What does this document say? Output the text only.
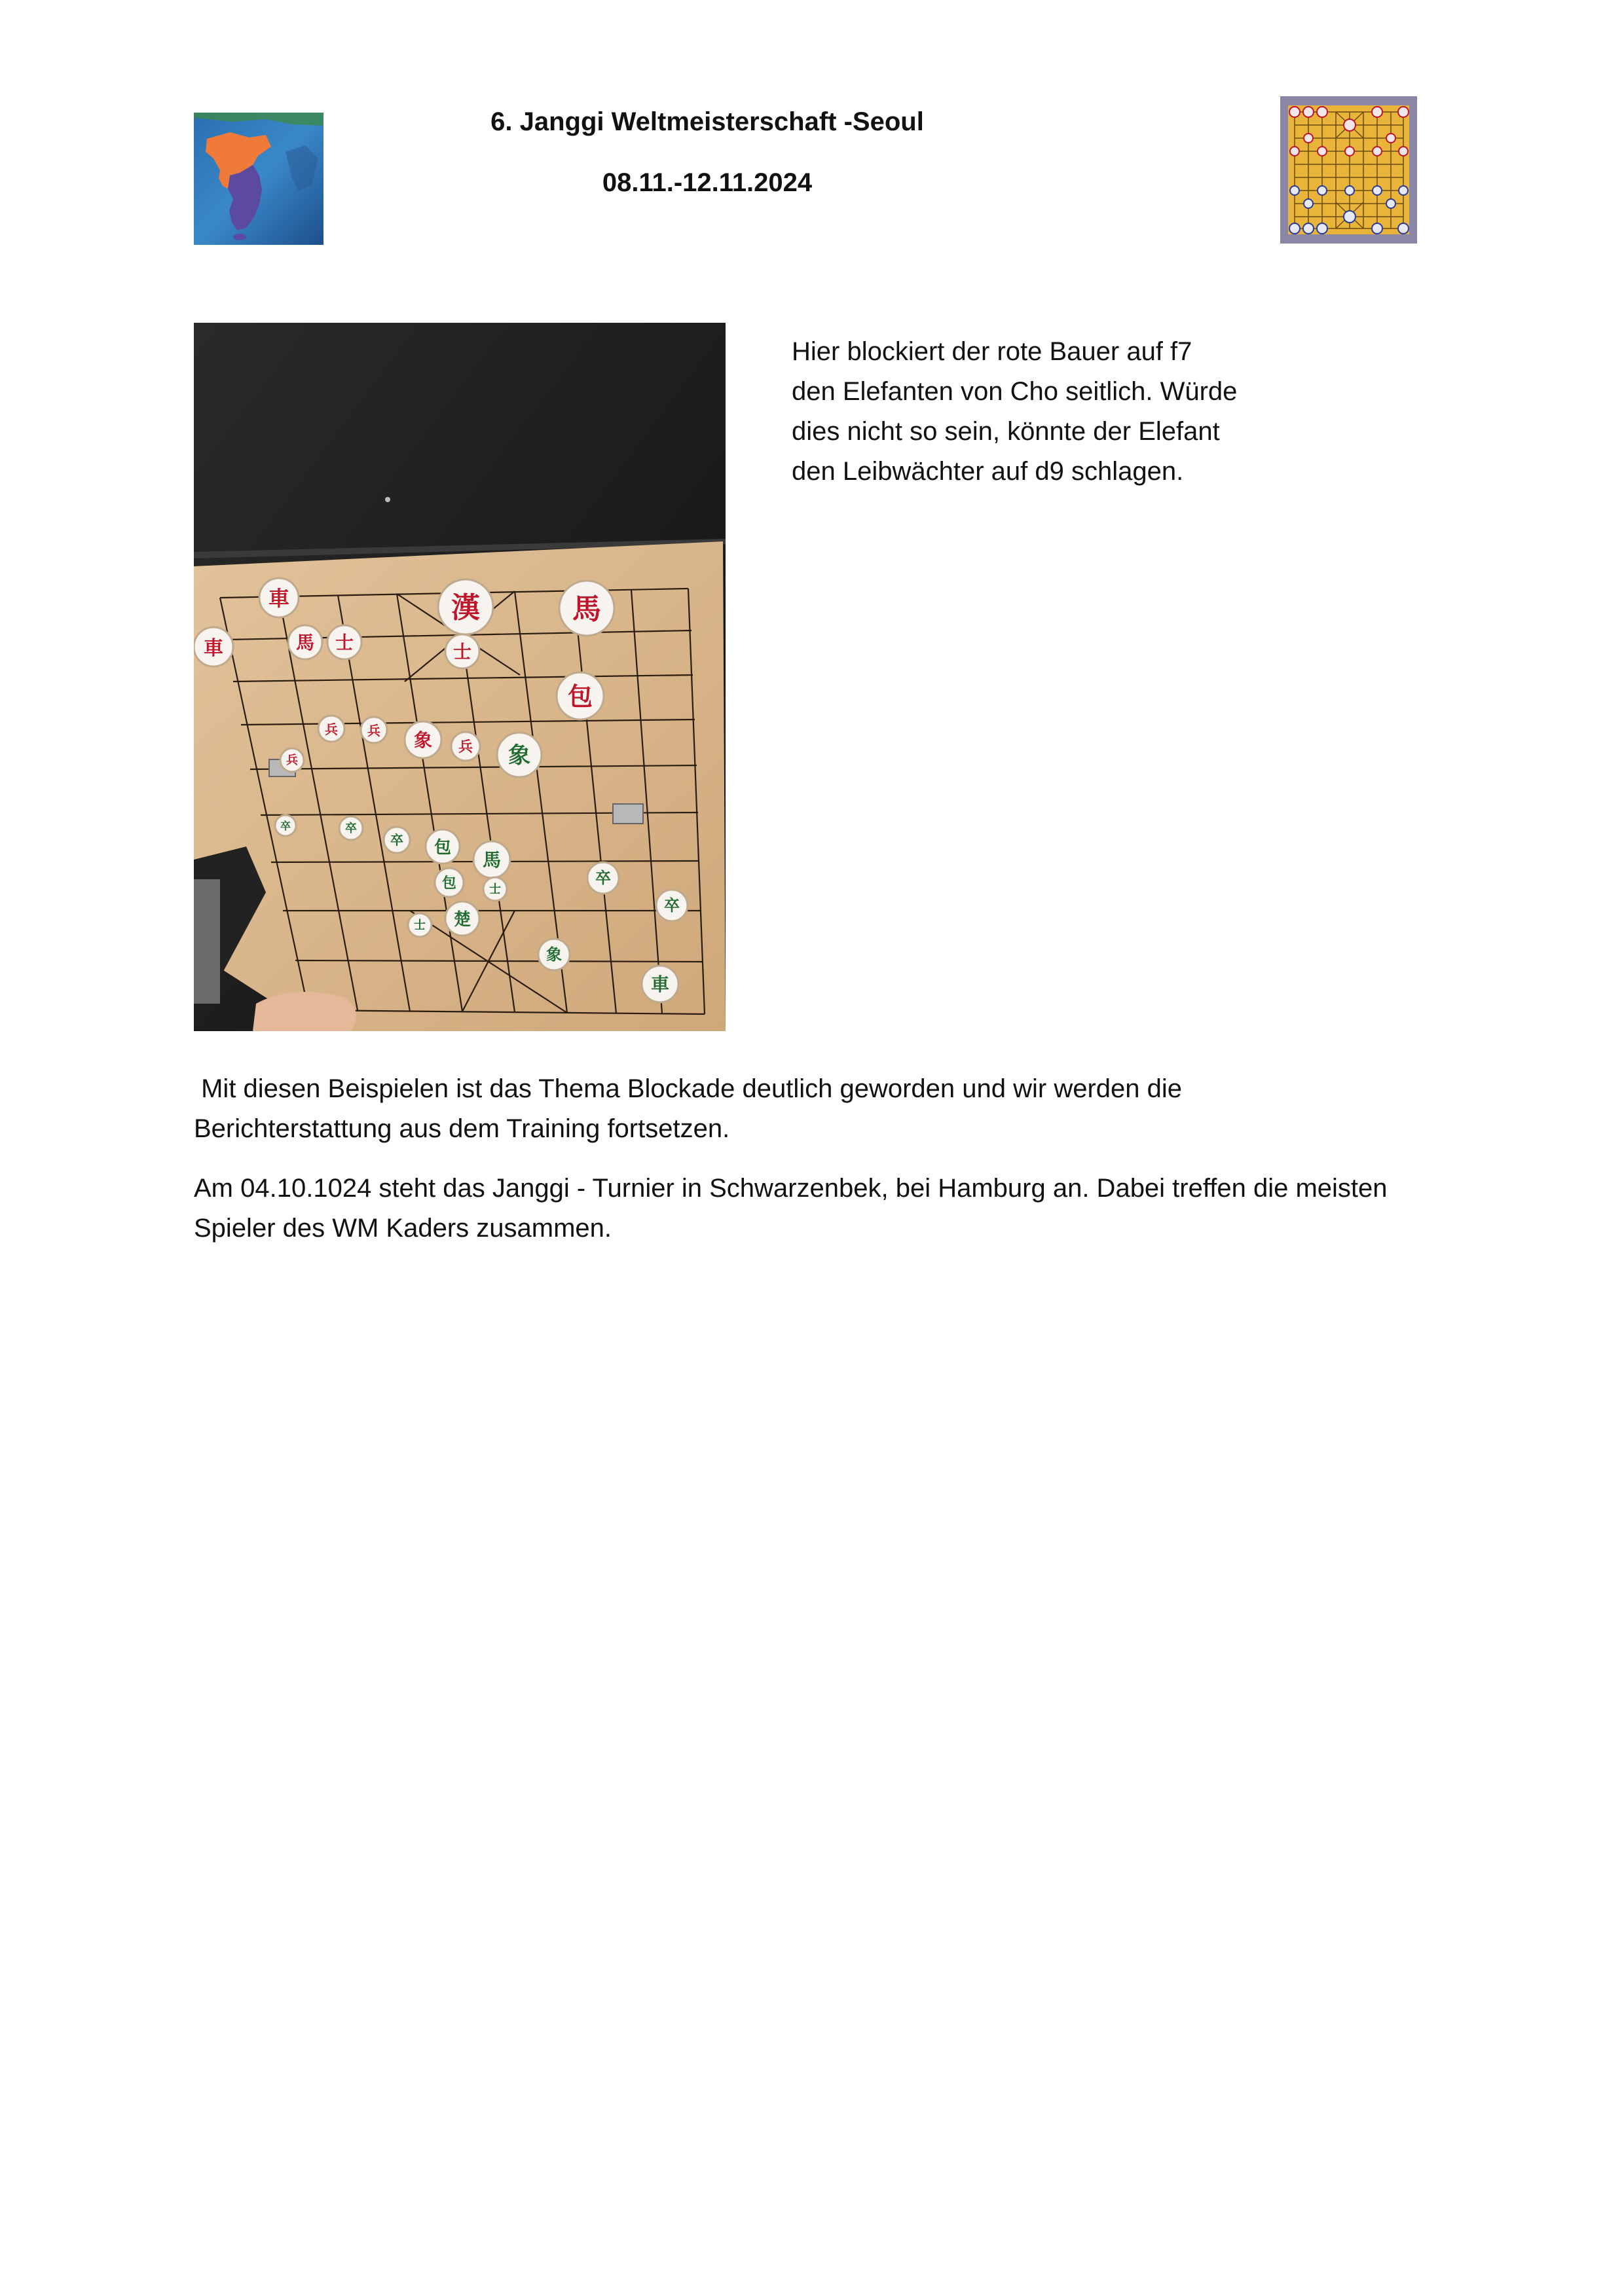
6. Janggi Weltmeisterschaft -Seoul
08.11.-12.11.2024
車
馬 士
漢	馬
士
包
車
兵 兵 象 兵
兵	象
卒	卒
卒 包
馬
包	士
卒
卒
士 楚
象
車

Hier blockiert der rote Bauer auf f7

den Elefanten von Cho seitlich. Würde

dies nicht so sein, könnte der Elefant

den Leibwächter auf d9 schlagen.

Mit diesen Beispielen ist das Thema Blockade deutlich geworden und wir werden die

Berichterstattung aus dem Training fortsetzen.

Am 04.10.1024 steht das Janggi - Turnier in Schwarzenbek, bei Hamburg an. Dabei treffen die meisten

Spieler des WM Kaders zusammen.
